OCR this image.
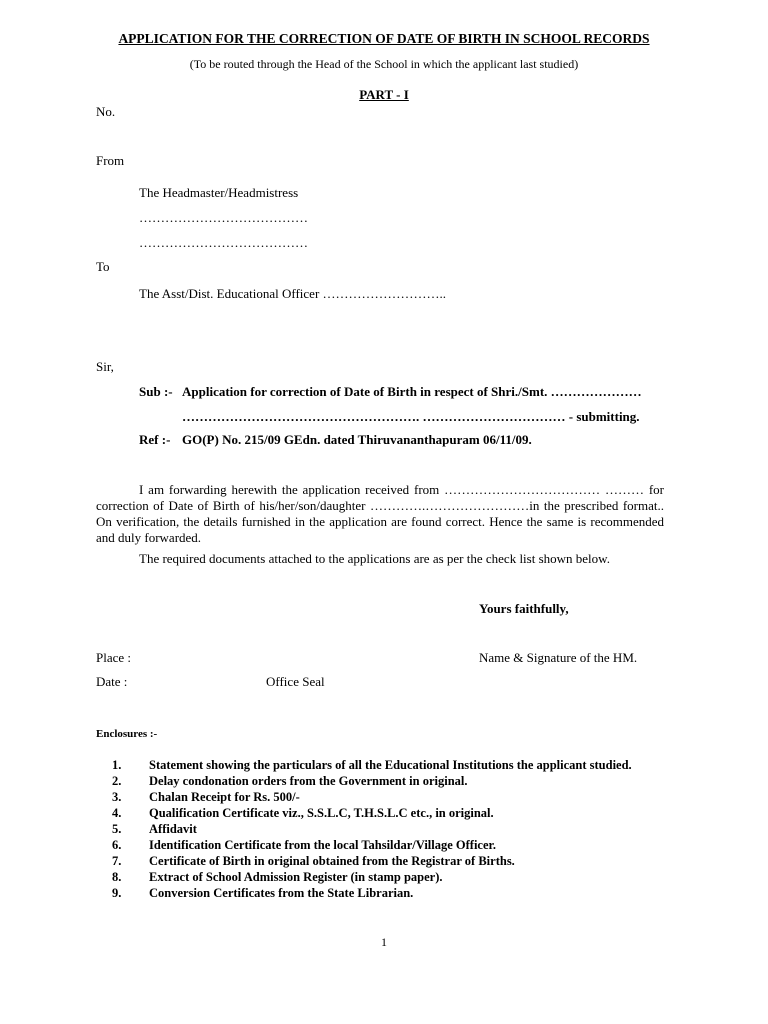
APPLICATION FOR THE CORRECTION OF DATE OF BIRTH IN SCHOOL RECORDS
(To be routed through the Head of the School in which the applicant last studied)
PART - I
No.
From
The Headmaster/Headmistress
…………………………………
…………………………………
To
The Asst/Dist. Educational Officer ………………………..
Sir,
Sub :- Application for correction of Date of Birth in respect of Shri./Smt. …………………
………………………………………………. …………………………… - submitting.
Ref :- GO(P) No. 215/09 GEdn. dated Thiruvananthapuram 06/11/09.
I am forwarding herewith the application received from ……………………………… ……… for correction of Date of Birth of his/her/son/daughter ………….……………………in the prescribed format.. On verification, the details furnished in the application are found correct. Hence the same is recommended and duly forwarded.
The required documents attached to the applications are as per the check list shown below.
Yours faithfully,
Place :	Name & Signature of the HM.
Date :	Office Seal
Enclosures :-
1.	Statement showing the particulars of all the Educational Institutions the applicant studied.
2.	Delay condonation orders from the Government in original.
3.	Chalan Receipt for Rs. 500/-
4.	Qualification Certificate viz., S.S.L.C, T.H.S.L.C etc., in original.
5.	Affidavit
6.	Identification Certificate from the local Tahsildar/Village Officer.
7.	Certificate of Birth in original obtained from the Registrar of Births.
8.	Extract of School Admission Register (in stamp paper).
9.	Conversion Certificates from the State Librarian.
1
